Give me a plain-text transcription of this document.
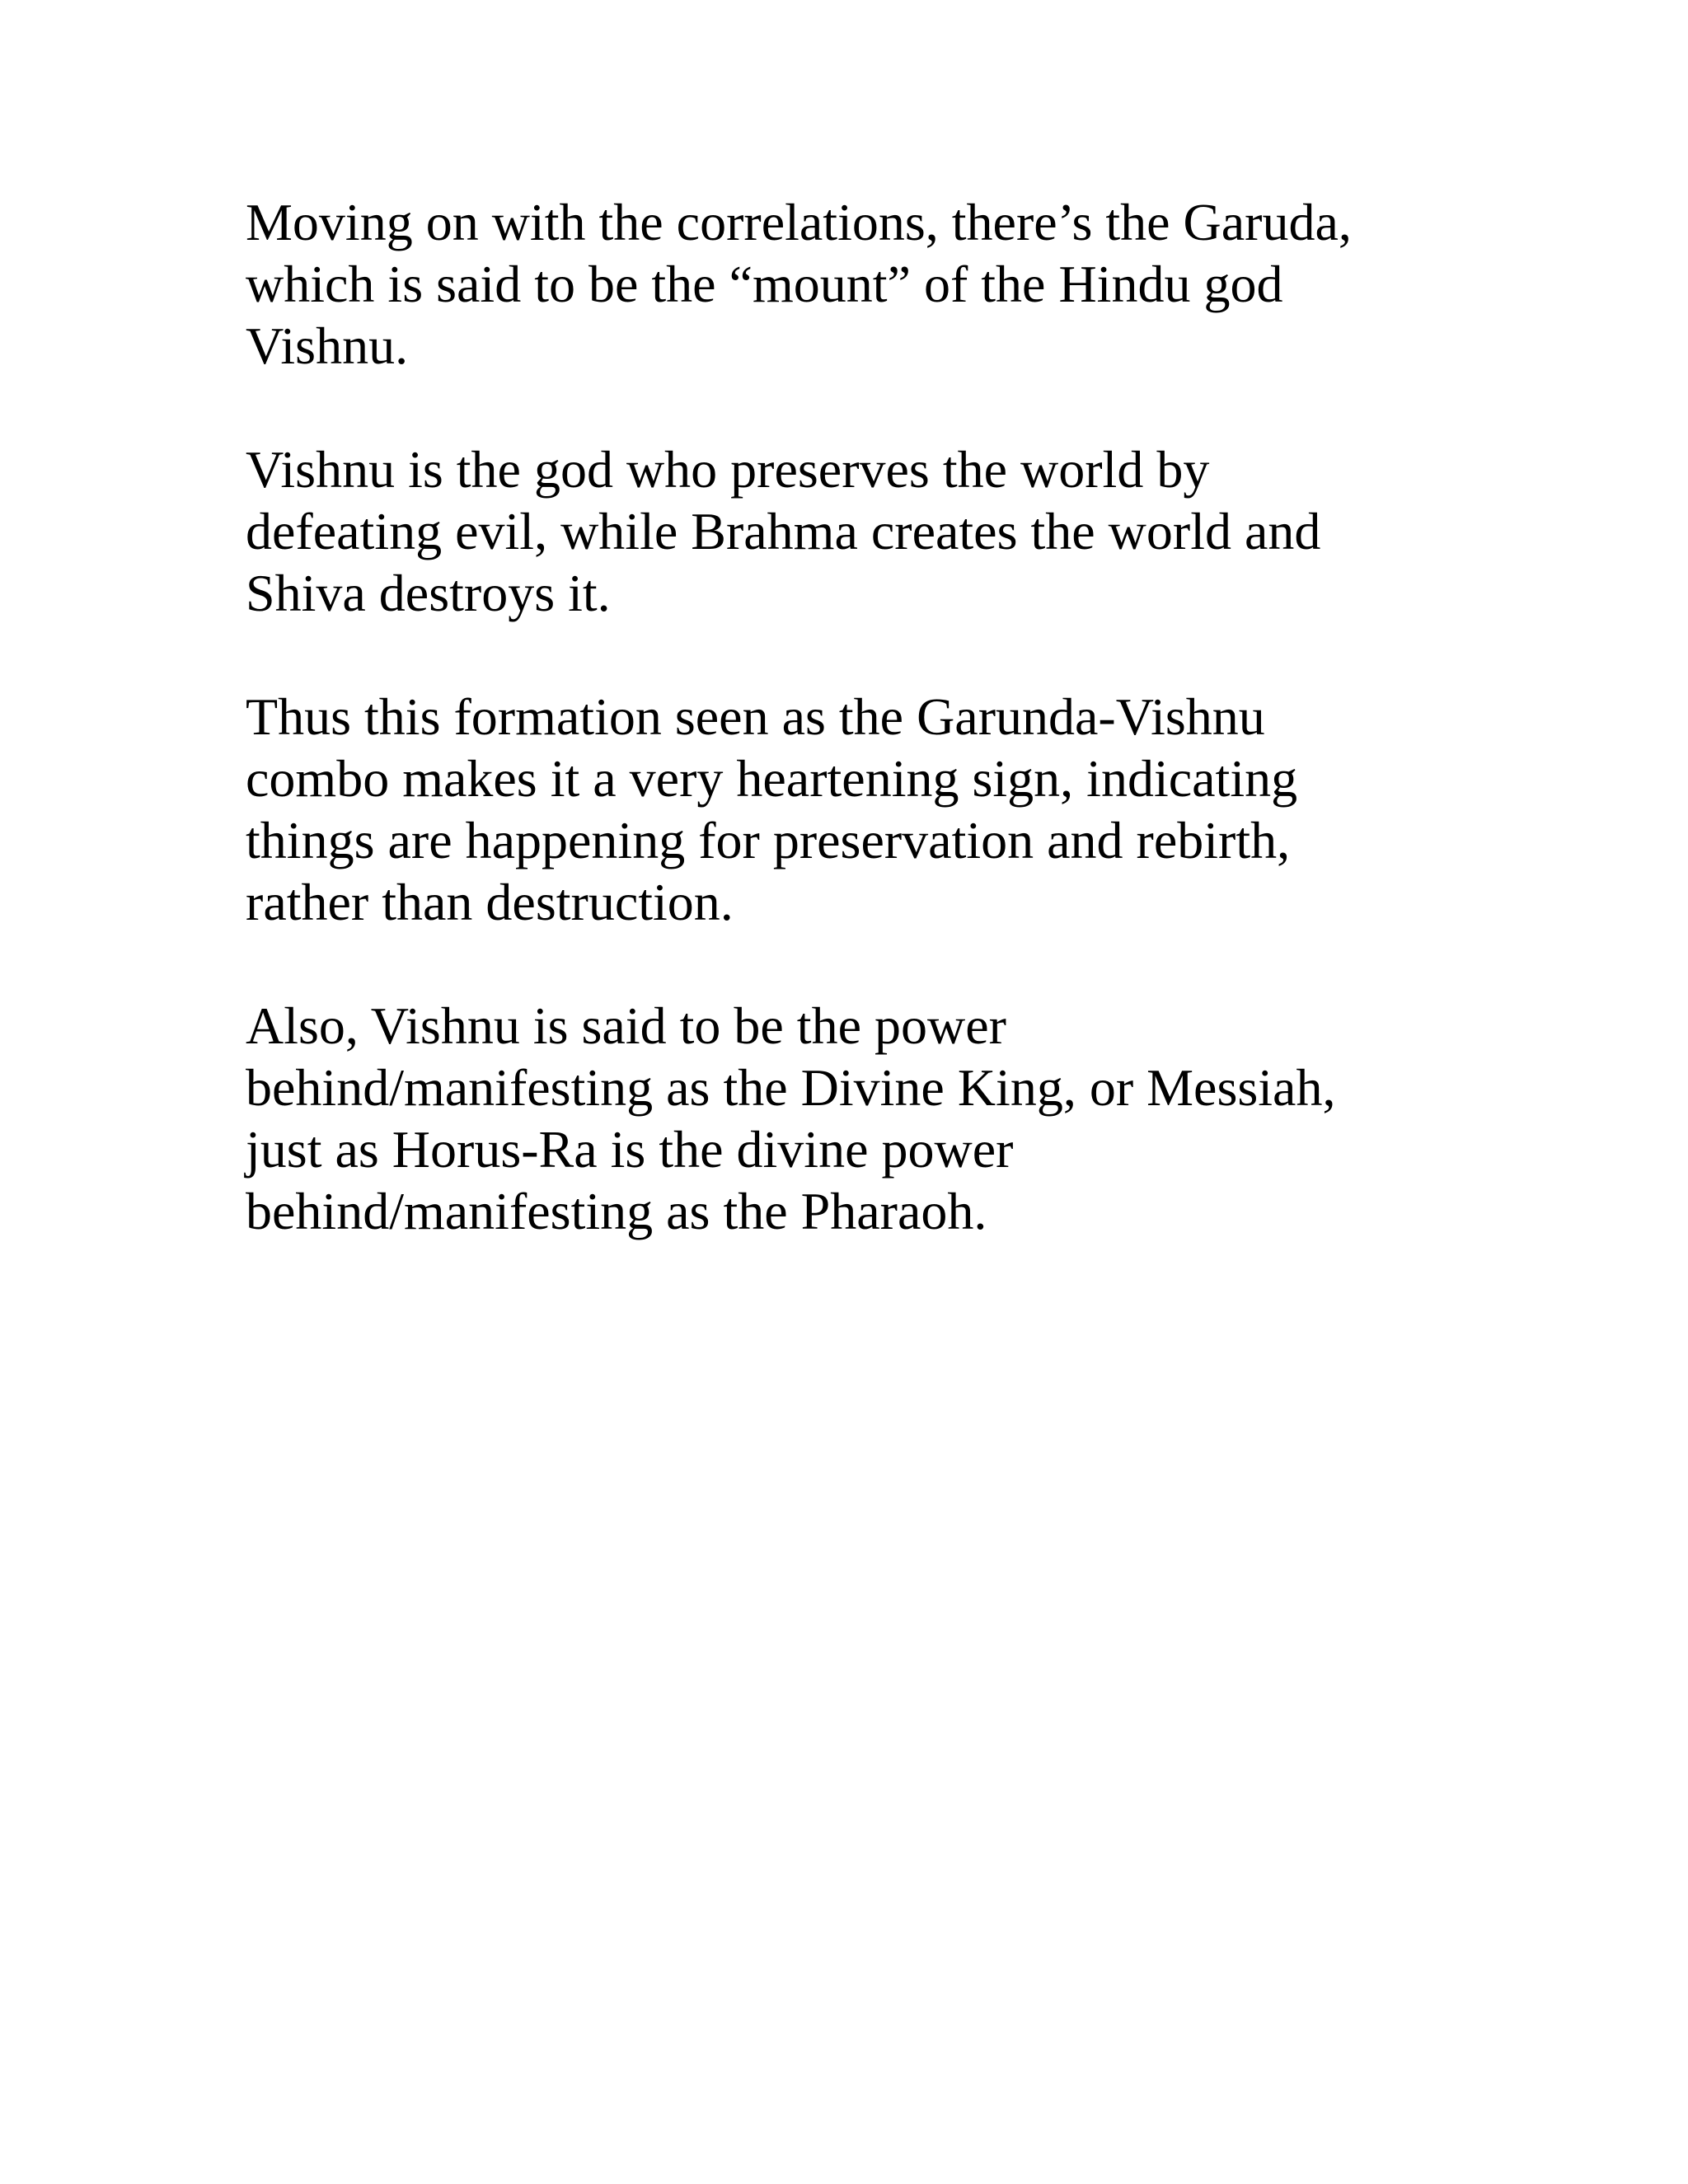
Moving on with the correlations, there’s the Garuda,
which is said to be the “mount” of the Hindu god
Vishnu.

Vishnu is the god who preserves the world by
defeating evil, while Brahma creates the world and
Shiva destroys it.

Thus this formation seen as the Garunda-Vishnu
combo makes it a very heartening sign, indicating
things are happening for preservation and rebirth,
rather than destruction.

Also, Vishnu is said to be the power
behind/manifesting as the Divine King, or Messiah,
just as Horus-Ra is the divine power
behind/manifesting as the Pharaoh.
